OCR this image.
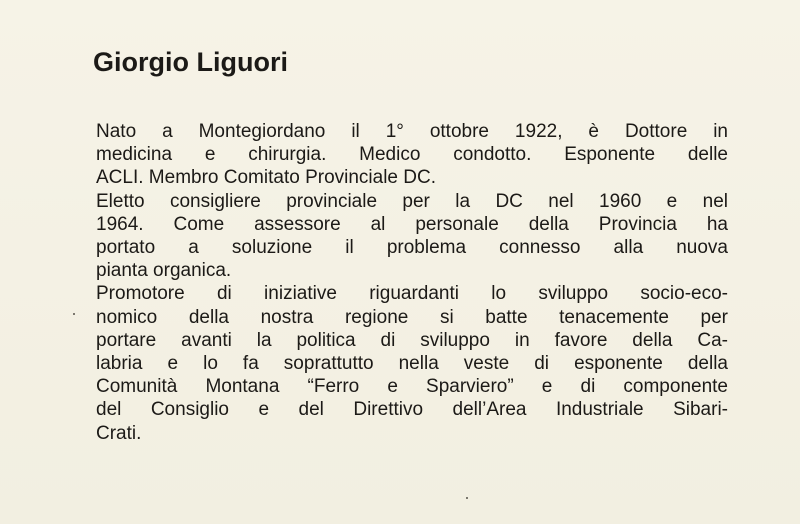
Giorgio Liguori
Nato a Montegiordano il 1° ottobre 1922, è Dottore in
medicina e chirurgia. Medico condotto. Esponente delle
ACLI. Membro Comitato Provinciale DC.
Eletto consigliere provinciale per la DC nel 1960 e nel
1964. Come assessore al personale della Provincia ha
portato a soluzione il problema connesso alla nuova
pianta organica.
Promotore di iniziative riguardanti lo sviluppo socio-eco-
nomico della nostra regione si batte tenacemente per
portare avanti la politica di sviluppo in favore della Ca-
labria e lo fa soprattutto nella veste di esponente della
Comunità Montana “Ferro e Sparviero” e di componente
del Consiglio e del Direttivo dell’Area Industriale Sibari-
Crati.
